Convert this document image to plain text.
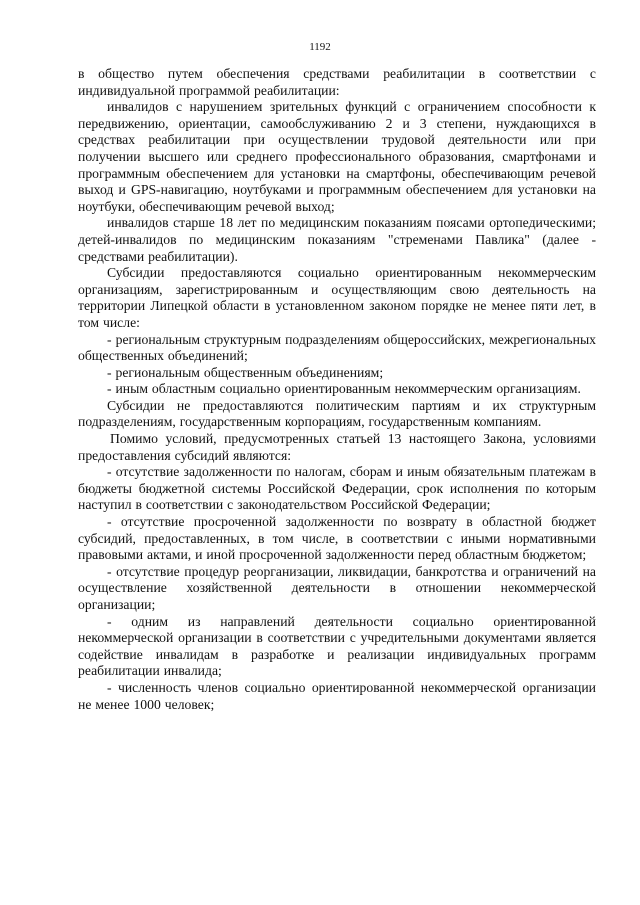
1192

в общество путем обеспечения средствами реабилитации в соответствии с индивидуальной программой реабилитации:

инвалидов с нарушением зрительных функций с ограничением способности к передвижению, ориентации, самообслуживанию 2 и 3 степени, нуждающихся в средствах реабилитации при осуществлении трудовой деятельности или при получении высшего или среднего профессионального образования, смартфонами и программным обеспечением для установки на смартфоны, обеспечивающим речевой выход и GPS-навигацию, ноутбуками и программным обеспечением для установки на ноутбуки, обеспечивающим речевой выход;

инвалидов старше 18 лет по медицинским показаниям поясами ортопедическими; детей-инвалидов по медицинским показаниям "стременами Павлика" (далее - средствами реабилитации).

Субсидии предоставляются социально ориентированным некоммерческим организациям, зарегистрированным и осуществляющим свою деятельность на территории Липецкой области в установленном законом порядке не менее пяти лет, в том числе:

- региональным структурным подразделениям общероссийских, межрегиональных общественных объединений;

- региональным общественным объединениям;

- иным областным социально ориентированным некоммерческим организациям.

Субсидии не предоставляются политическим партиям и их структурным подразделениям, государственным корпорациям, государственным компаниям.

Помимо условий, предусмотренных статьей 13 настоящего Закона, условиями предоставления субсидий являются:

- отсутствие задолженности по налогам, сборам и иным обязательным платежам в бюджеты бюджетной системы Российской Федерации, срок исполнения по которым наступил в соответствии с законодательством Российской Федерации;

- отсутствие просроченной задолженности по возврату в областной бюджет субсидий, предоставленных, в том числе, в соответствии с иными нормативными правовыми актами, и иной просроченной задолженности перед областным бюджетом;

- отсутствие процедур реорганизации, ликвидации, банкротства и ограничений на осуществление хозяйственной деятельности в отношении некоммерческой организации;

- одним из направлений деятельности социально ориентированной некоммерческой организации в соответствии с учредительными документами является содействие инвалидам в разработке и реализации индивидуальных программ реабилитации инвалида;

- численность членов социально ориентированной некоммерческой организации не менее 1000 человек;
